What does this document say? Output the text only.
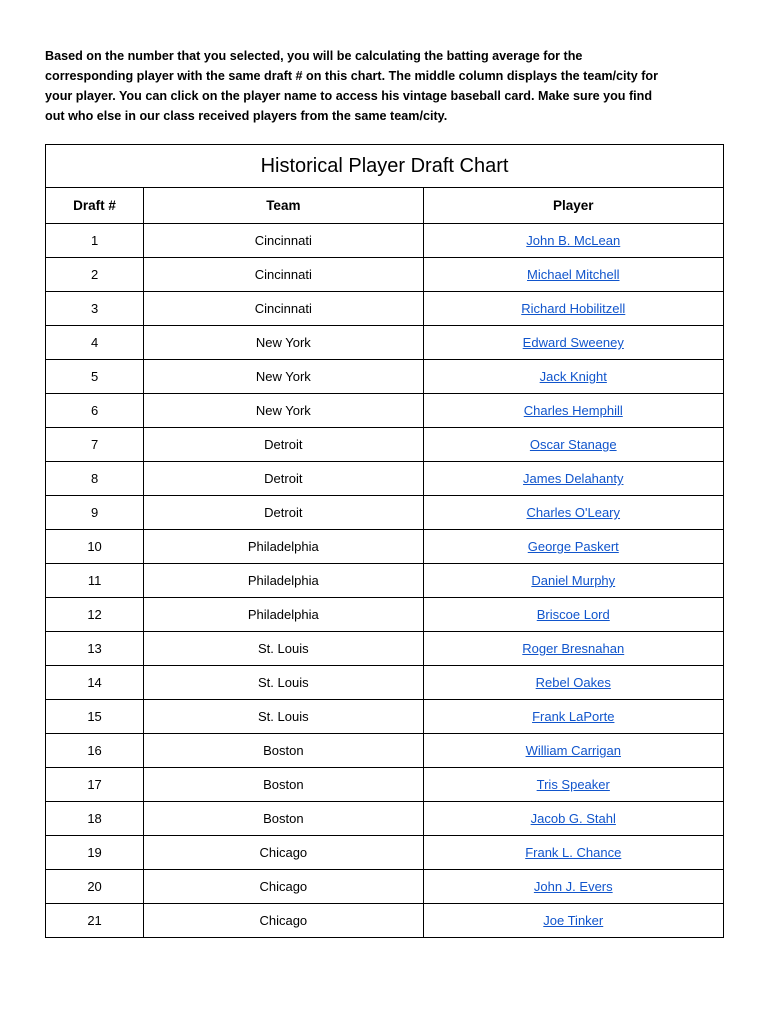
Based on the number that you selected, you will be calculating the batting average for the

corresponding player with the same draft # on this chart. The middle column displays the team/city for

your player. You can click on the player name to access his vintage baseball card. Make sure you find

out who else in our class received players from the same team/city.

Historical Player Draft Chart		
Draft #	Team	Player
1	Cincinnati	John B. McLean
2	Cincinnati	Michael Mitchell
3	Cincinnati	Richard Hobilitzell
4	New York	Edward Sweeney
5	New York	Jack Knight
6	New York	Charles Hemphill
7	Detroit	Oscar Stanage
8	Detroit	James Delahanty
9	Detroit	Charles O'Leary
10	Philadelphia	George Paskert
11	Philadelphia	Daniel Murphy
12	Philadelphia	Briscoe Lord
13	St. Louis	Roger Bresnahan
14	St. Louis	Rebel Oakes
15	St. Louis	Frank LaPorte
16	Boston	William Carrigan
17	Boston	Tris Speaker
18	Boston	Jacob G. Stahl
19	Chicago	Frank L. Chance
20	Chicago	John J. Evers
21	Chicago	Joe Tinker
